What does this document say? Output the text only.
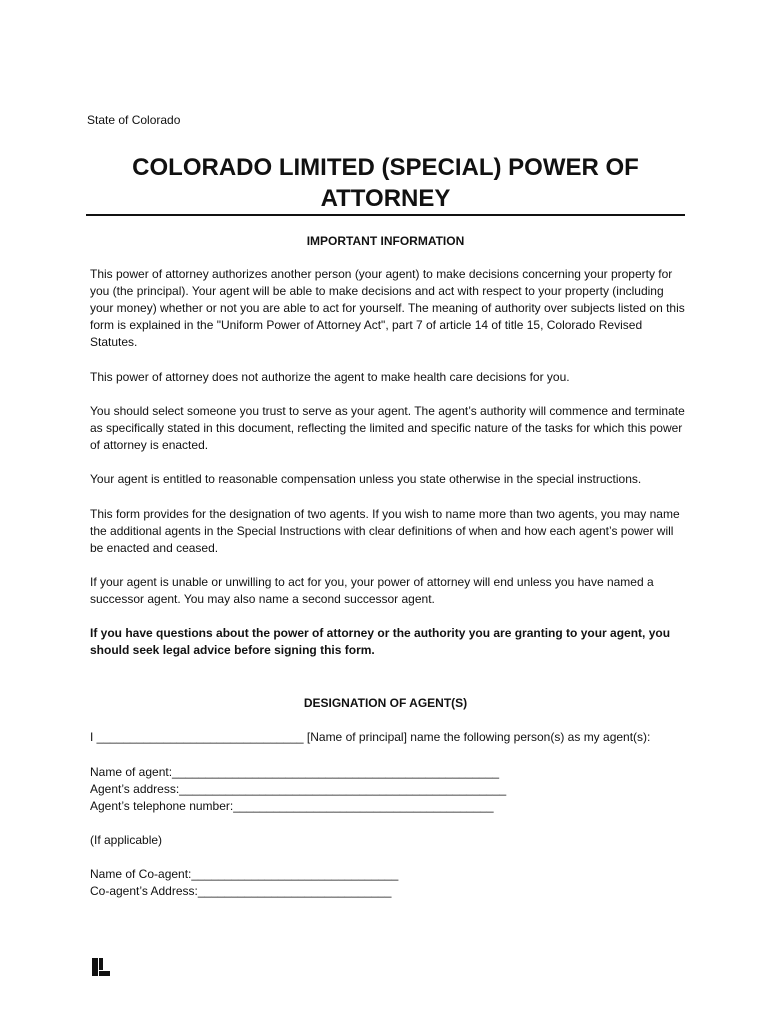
State of Colorado
COLORADO LIMITED (SPECIAL) POWER OF ATTORNEY
IMPORTANT INFORMATION

This power of attorney authorizes another person (your agent) to make decisions concerning your property for you (the principal). Your agent will be able to make decisions and act with respect to your property (including your money) whether or not you are able to act for yourself. The meaning of authority over subjects listed on this form is explained in the "Uniform Power of Attorney Act", part 7 of article 14 of title 15, Colorado Revised Statutes.

This power of attorney does not authorize the agent to make health care decisions for you.

You should select someone you trust to serve as your agent. The agent’s authority will commence and terminate as specifically stated in this document, reflecting the limited and specific nature of the tasks for which this power of attorney is enacted.

Your agent is entitled to reasonable compensation unless you state otherwise in the special instructions.

This form provides for the designation of two agents. If you wish to name more than two agents, you may name the additional agents in the Special Instructions with clear definitions of when and how each agent’s power will be enacted and ceased.

If your agent is unable or unwilling to act for you, your power of attorney will end unless you have named a successor agent. You may also name a second successor agent.

If you have questions about the power of attorney or the authority you are granting to your agent, you should seek legal advice before signing this form.

DESIGNATION OF AGENT(S)
I _______________________________ [Name of principal] name the following person(s) as my agent(s):
Name of agent:_________________________________________________
Agent’s address:_________________________________________________
Agent’s telephone number:_______________________________________
(If applicable)
Name of Co-agent:_______________________________
Co-agent’s Address:_____________________________
